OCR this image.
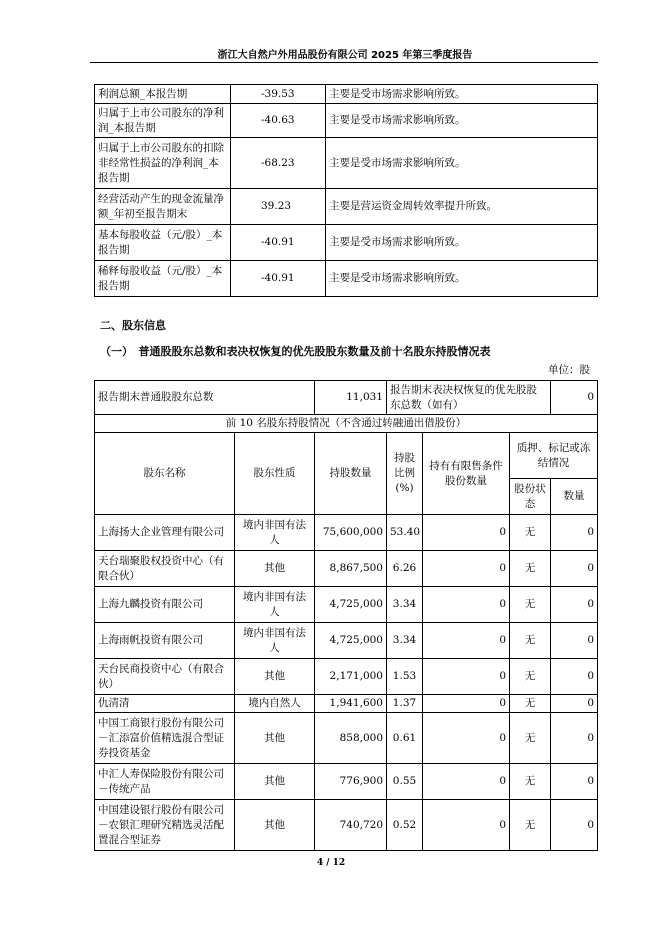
浙江大自然户外用品股份有限公司 2025 年第三季度报告
利润总额_本报告期	-39.53	主要是受市场需求影响所致。
归属于上市公司股东的净利润_本报告期	-40.63	主要是受市场需求影响所致。
归属于上市公司股东的扣除非经常性损益的净利润_本报告期	-68.23	主要是受市场需求影响所致。
经营活动产生的现金流量净额_年初至报告期末	39.23	主要是营运资金周转效率提升所致。
基本每股收益（元/股）_本报告期	-40.91	主要是受市场需求影响所致。
稀释每股收益（元/股）_本报告期	-40.91	主要是受市场需求影响所致。
二、股东信息
（一）　普通股股东总数和表决权恢复的优先股股东数量及前十名股东持股情况表
单位：股
报告期末普通股股东总数		11,031	报告期末表决权恢复的优先股股东总数（如有）			0
前 10 名股东持股情况（不含通过转融通出借股份）						
股东名称	股东性质	持股数量	持股比例(%)	持有有限售条件股份数量	质押、标记或冻结情况	
					股份状态	数量
上海扬大企业管理有限公司	境内非国有法人	75,600,000	53.40	0	无	0
天台瑞聚股权投资中心（有限合伙）	其他	8,867,500	6.26	0	无	0
上海九麟投资有限公司	境内非国有法人	4,725,000	3.34	0	无	0
上海雨帆投资有限公司	境内非国有法人	4,725,000	3.34	0	无	0
天台民商投资中心（有限合伙）	其他	2,171,000	1.53	0	无	0
仇清清	境内自然人	1,941,600	1.37	0	无	0
中国工商银行股份有限公司－汇添富价值精选混合型证券投资基金	其他	858,000	0.61	0	无	0
中汇人寿保险股份有限公司－传统产品	其他	776,900	0.55	0	无	0
中国建设银行股份有限公司－农银汇理研究精选灵活配置混合型证券	其他	740,720	0.52	0	无	0
4 / 12
